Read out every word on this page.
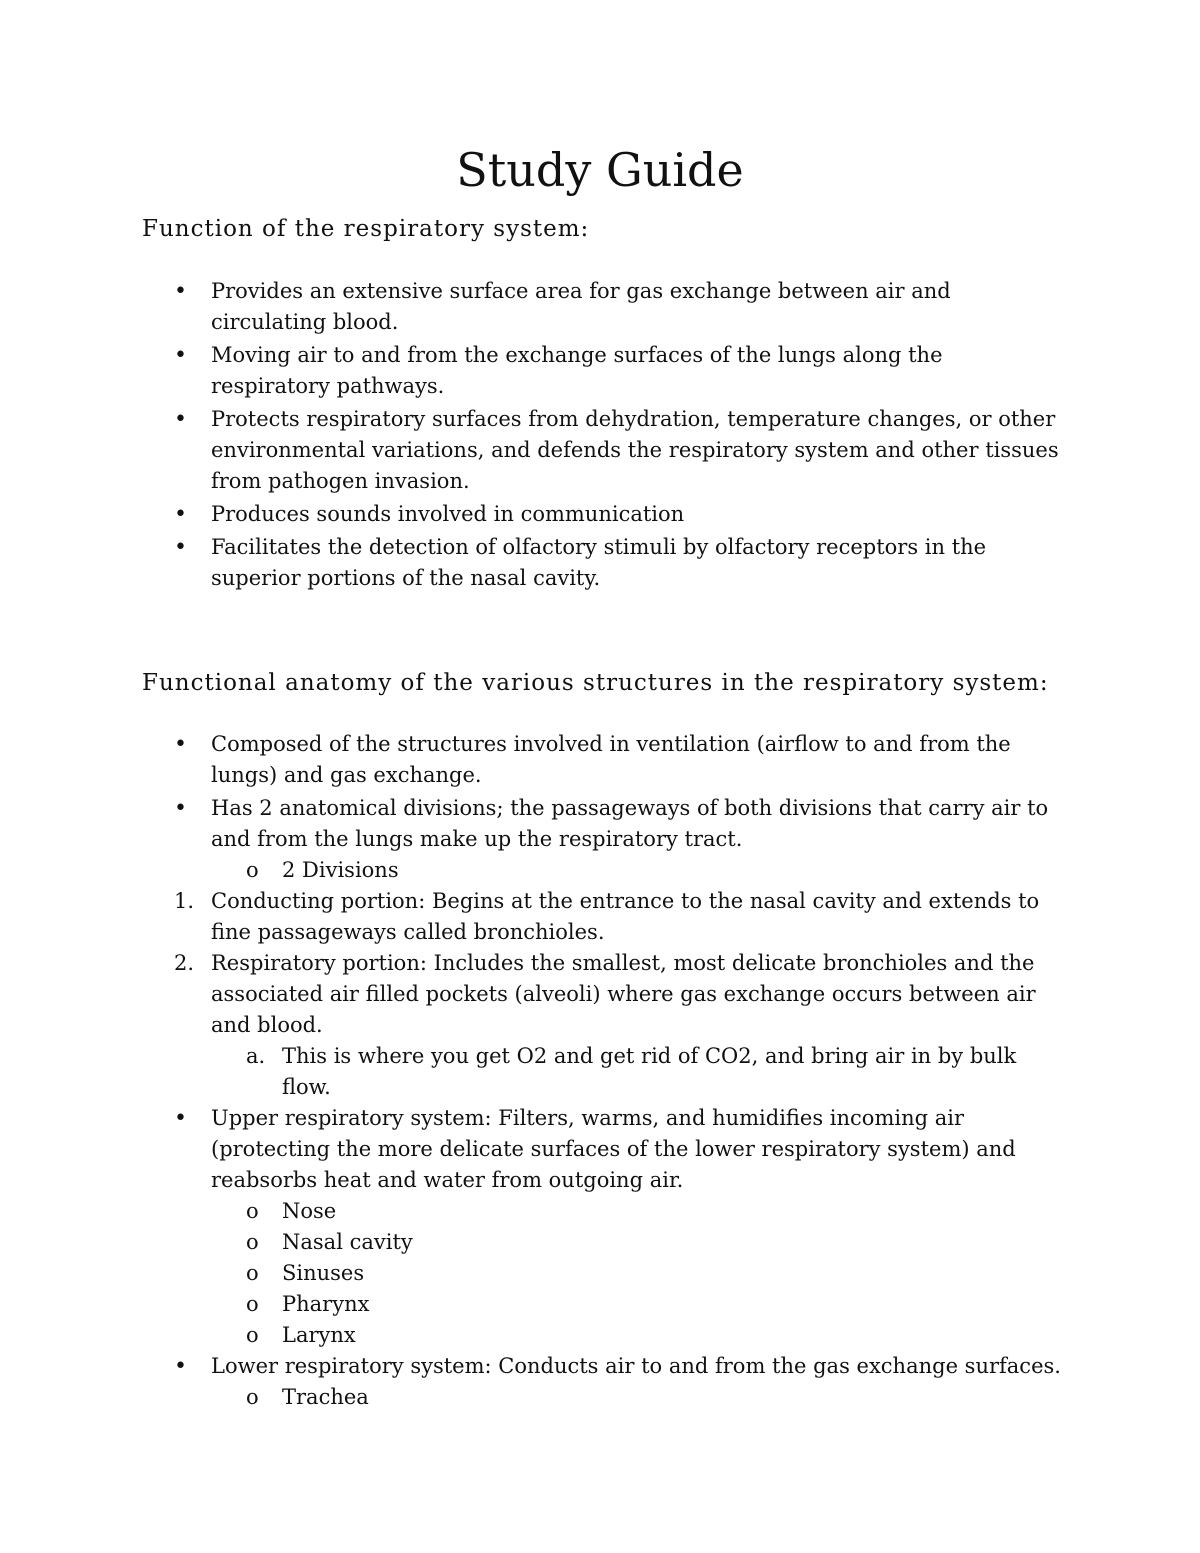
Study Guide
Function of the respiratory system:
• Provides an extensive surface area for gas exchange between air and circulating blood.
• Moving air to and from the exchange surfaces of the lungs along the respiratory pathways.
• Protects respiratory surfaces from dehydration, temperature changes, or other environmental variations, and defends the respiratory system and other tissues from pathogen invasion.
• Produces sounds involved in communication
• Facilitates the detection of olfactory stimuli by olfactory receptors in the superior portions of the nasal cavity.
Functional anatomy of the various structures in the respiratory system:
• Composed of the structures involved in ventilation (airflow to and from the lungs) and gas exchange.
• Has 2 anatomical divisions; the passageways of both divisions that carry air to and from the lungs make up the respiratory tract.
o 2 Divisions
1. Conducting portion: Begins at the entrance to the nasal cavity and extends to fine passageways called bronchioles.
2. Respiratory portion: Includes the smallest, most delicate bronchioles and the associated air filled pockets (alveoli) where gas exchange occurs between air and blood.
a. This is where you get O2 and get rid of CO2, and bring air in by bulk flow.
• Upper respiratory system: Filters, warms, and humidifies incoming air (protecting the more delicate surfaces of the lower respiratory system) and reabsorbs heat and water from outgoing air.
o Nose
o Nasal cavity
o Sinuses
o Pharynx
o Larynx
• Lower respiratory system: Conducts air to and from the gas exchange surfaces.
o Trachea
